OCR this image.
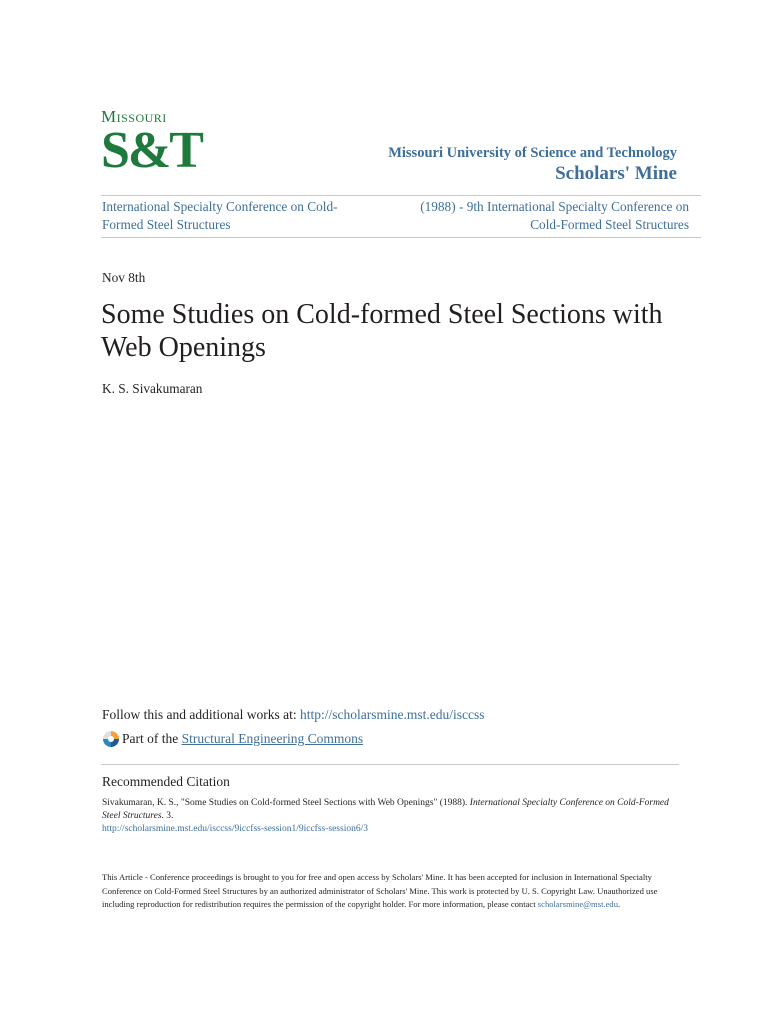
Missouri
S&T	Missouri University of Science and Technology
Scholars' Mine
International Specialty Conference on Cold-Formed Steel Structures
(1988) - 9th International Specialty Conference on Cold-Formed Steel Structures
Nov 8th
Some Studies on Cold-formed Steel Sections with Web Openings
K. S. Sivakumaran
Follow this and additional works at: http://scholarsmine.mst.edu/isccss
Part of the
Structural Engineering Commons
Recommended Citation
Sivakumaran, K. S., "Some Studies on Cold-formed Steel Sections with Web Openings" (1988). International Specialty Conference on Cold-Formed Steel Structures. 3.
http://scholarsmine.mst.edu/isccss/9iccfss-session1/9iccfss-session6/3
This Article - Conference proceedings is brought to you for free and open access by Scholars' Mine. It has been accepted for inclusion in International Specialty Conference on Cold-Formed Steel Structures by an authorized administrator of Scholars' Mine. This work is protected by U. S. Copyright Law. Unauthorized use including reproduction for redistribution requires the permission of the copyright holder. For more information, please contact scholarsmine@mst.edu.
